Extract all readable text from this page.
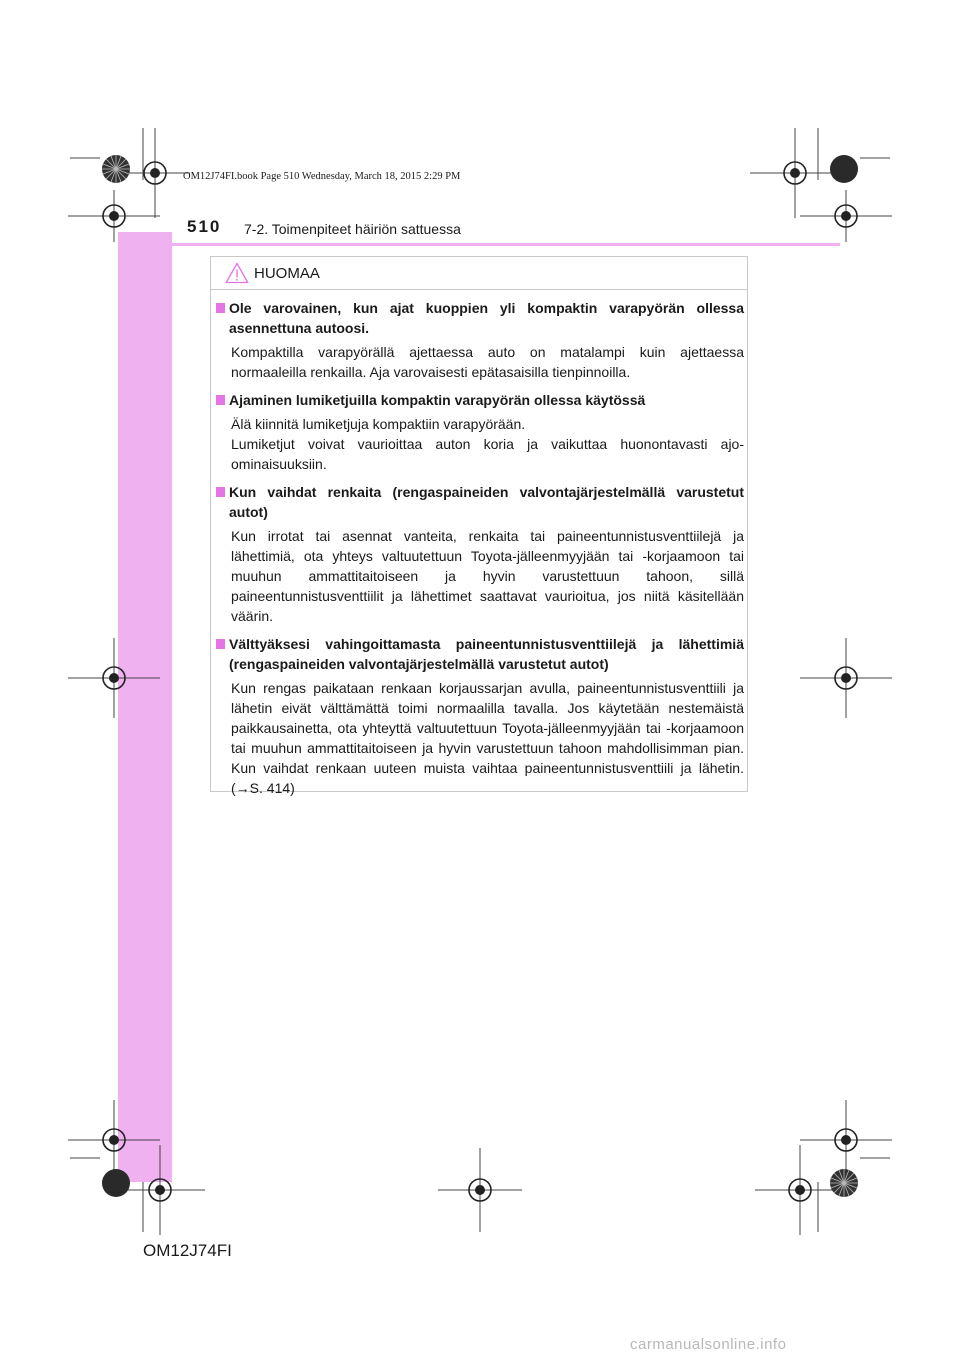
OM12J74FI.book Page 510 Wednesday, March 18, 2015 2:29 PM
510 7-2. Toimenpiteet häiriön sattuessa
HUOMAA
Ole varovainen, kun ajat kuoppien yli kompaktin varapyörän ollessa asennettuna autoosi.

Kompaktilla varapyörällä ajettaessa auto on matalampi kuin ajettaessa normaaleilla renkailla. Aja varovaisesti epätasaisilla tienpinnoilla.

Ajaminen lumiketjuilla kompaktin varapyörän ollessa käytössä

Älä kiinnitä lumiketjuja kompaktiin varapyörään.

Lumiketjut voivat vaurioittaa auton koria ja vaikuttaa huonontavasti ajo-ominaisuuksiin.

Kun vaihdat renkaita (rengaspaineiden valvontajärjestelmällä varustetut autot)

Kun irrotat tai asennat vanteita, renkaita tai paineentunnistusventtiilejä ja lähettimiä, ota yhteys valtuutettuun Toyota-jälleenmyyjään tai -korjaamoon tai muuhun ammattitaitoiseen ja hyvin varustettuun tahoon, sillä paineentunnistusventtiilit ja lähettimet saattavat vaurioitua, jos niitä käsitellään väärin.

Välttyäksesi vahingoittamasta paineentunnistusventtiilejä ja lähettimiä (rengaspaineiden valvontajärjestelmällä varustetut autot)

Kun rengas paikataan renkaan korjaussarjan avulla, paineentunnistusventtiili ja lähetin eivät välttämättä toimi normaalilla tavalla. Jos käytetään nestemäistä paikkausainetta, ota yhteyttä valtuutettuun Toyota-jälleenmyyjään tai -korjaamoon tai muuhun ammattitaitoiseen ja hyvin varustettuun tahoon mahdollisimman pian. Kun vaihdat renkaan uuteen muista vaihtaa paineentunnistusventtiili ja lähetin. (→S. 414)

OM12J74FI
carmanualsonline.info
